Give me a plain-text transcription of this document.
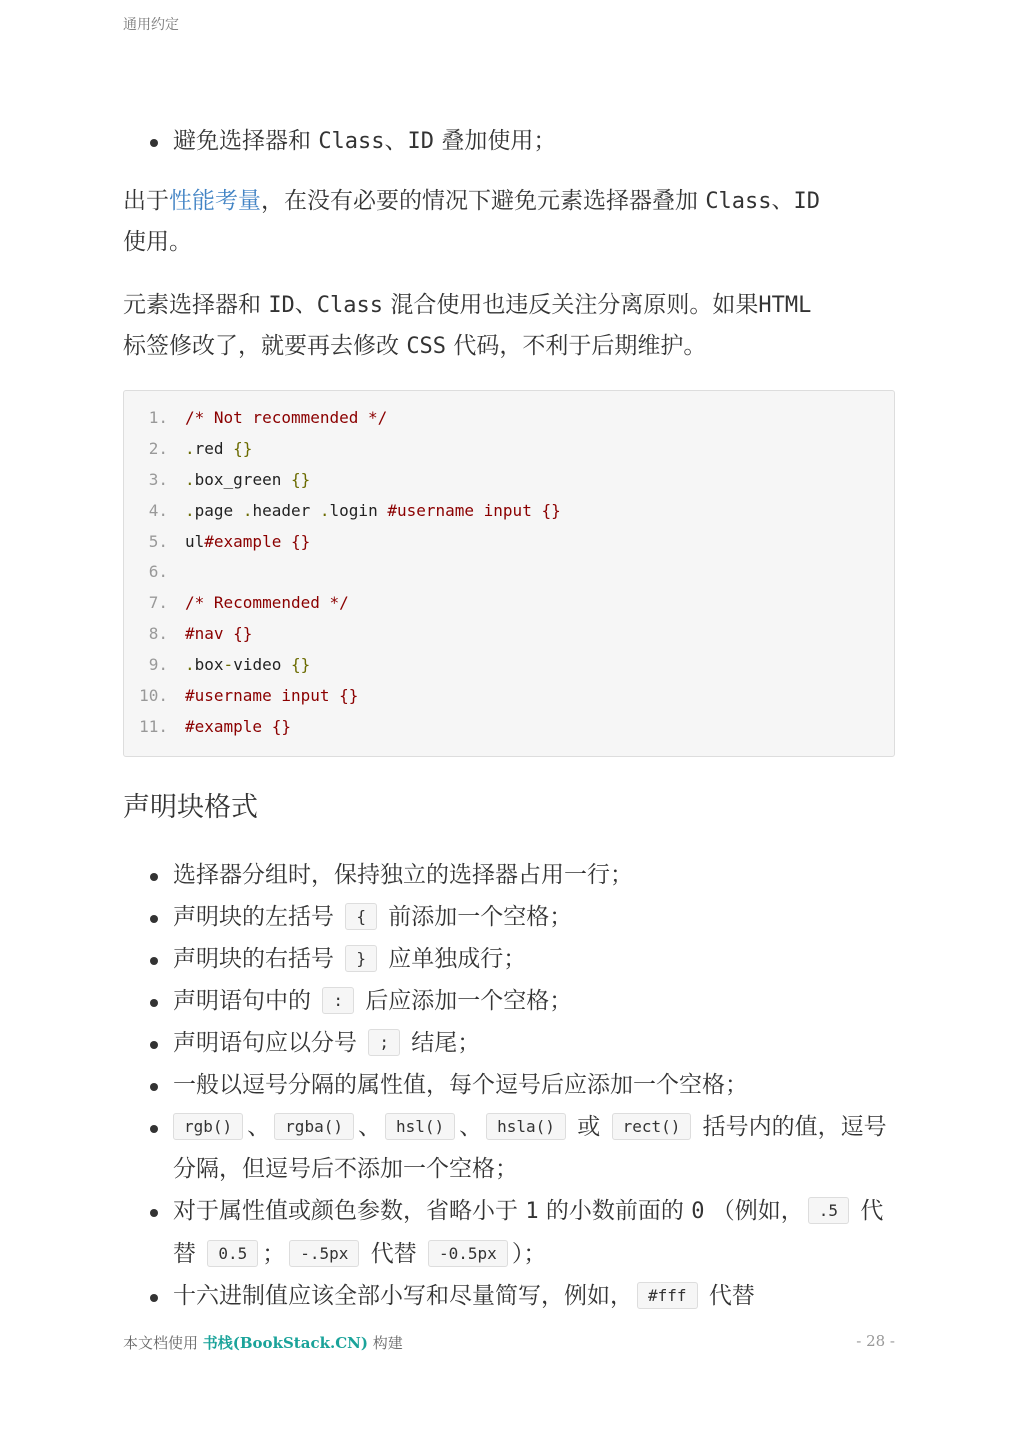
通用约定
避免选择器和 Class、ID 叠加使用；

出于性能考量，在没有必要的情况下避免元素选择器叠加 Class、ID
使用。

元素选择器和 ID、Class 混合使用也违反关注分离原则。如果HTML
标签修改了，就要再去修改 CSS 代码，不利于后期维护。

1.	/* Not recommended */
2.	. red {}
3.	. box_green {}
4.	. page . header . login #username input {}
5.	ul #example {}
6.
7.	/* Recommended */
8.	#nav {}
9.	. box - video {}
10.	#username input {}
11.	#example {}
声明块格式
选择器分组时，保持独立的选择器占用一行；
声明块的左括号 { 前添加一个空格；
声明块的右括号 } 应单独成行；
声明语句中的 : 后应添加一个空格；
声明语句应以分号 ; 结尾；
一般以逗号分隔的属性值，每个逗号后应添加一个空格；
rgb() 、 rgba() 、 hsl() 、 hsla() 或 rect() 括号内的值，逗号分隔，但逗号后不添加一个空格；
对于属性值或颜色参数，省略小于 1 的小数前面的 0 （例如， .5 代替 0.5 ； -.5px 代替 -0.5px ）；
十六进制值应该全部小写和尽量简写，例如， #fff 代替
本文档使用 书栈(BookStack.CN) 构建	- 28 -
